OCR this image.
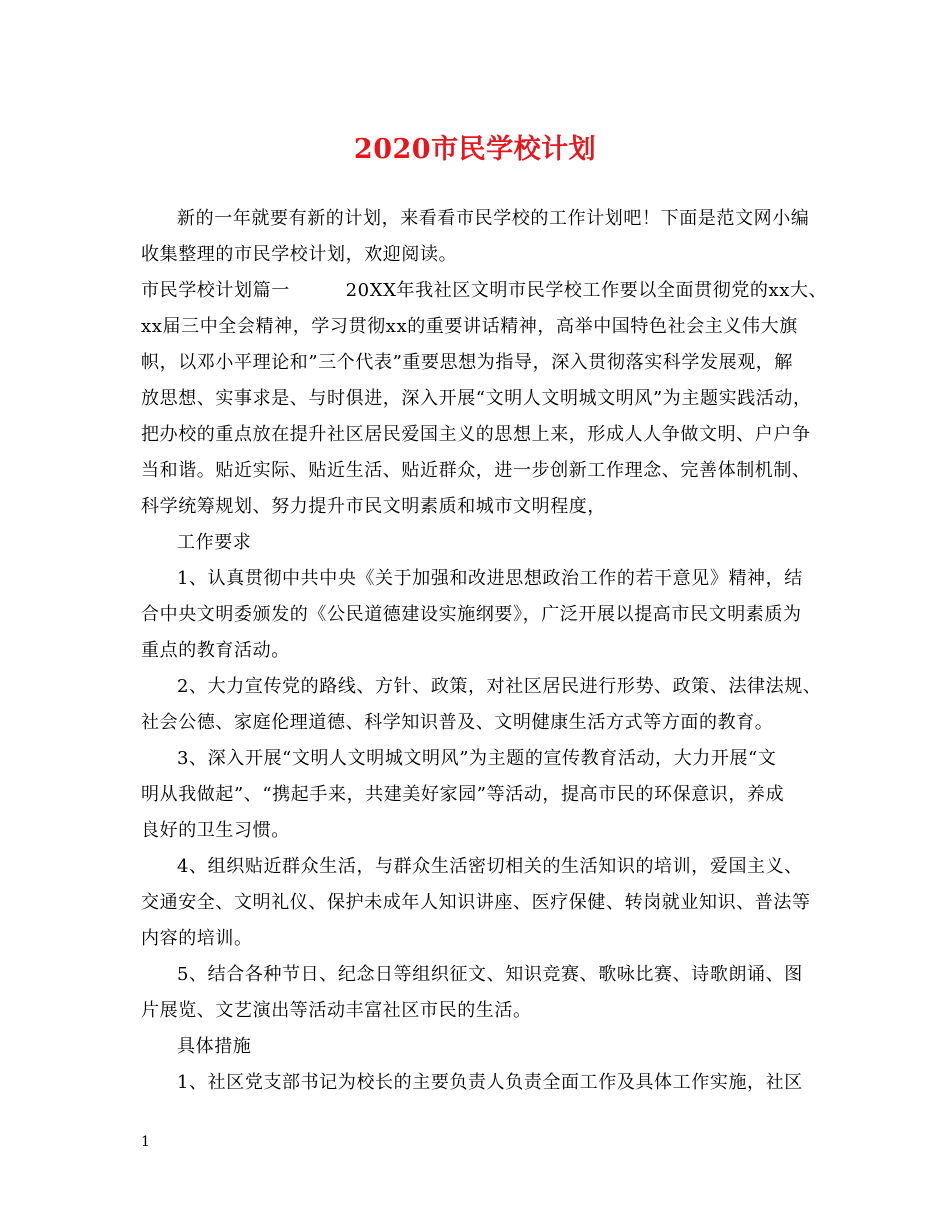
2020市民学校计划
新的一年就要有新的计划，来看看市民学校的工作计划吧！下面是范文网小编
收集整理的市民学校计划，欢迎阅读。
市民学校计划篇一　　　20XX年我社区文明市民学校工作要以全面贯彻党的xx大、
xx届三中全会精神，学习贯彻xx的重要讲话精神，高举中国特色社会主义伟大旗
帜，以邓小平理论和”三个代表”重要思想为指导，深入贯彻落实科学发展观，解
放思想、实事求是、与时俱进，深入开展“文明人文明城文明风”为主题实践活动，
把办校的重点放在提升社区居民爱国主义的思想上来，形成人人争做文明、户户争
当和谐。贴近实际、贴近生活、贴近群众，进一步创新工作理念、完善体制机制、
科学统筹规划、努力提升市民文明素质和城市文明程度，
工作要求
1、认真贯彻中共中央《关于加强和改进思想政治工作的若干意见》精神，结
合中央文明委颁发的《公民道德建设实施纲要》，广泛开展以提高市民文明素质为
重点的教育活动。
2、大力宣传党的路线、方针、政策，对社区居民进行形势、政策、法律法规、
社会公德、家庭伦理道德、科学知识普及、文明健康生活方式等方面的教育。
3、深入开展“文明人文明城文明风”为主题的宣传教育活动，大力开展“文
明从我做起”、“携起手来，共建美好家园”等活动，提高市民的环保意识，养成
良好的卫生习惯。
4、组织贴近群众生活，与群众生活密切相关的生活知识的培训，爱国主义、
交通安全、文明礼仪、保护未成年人知识讲座、医疗保健、转岗就业知识、普法等
内容的培训。
5、结合各种节日、纪念日等组织征文、知识竞赛、歌咏比赛、诗歌朗诵、图
片展览、文艺演出等活动丰富社区市民的生活。
具体措施
1、社区党支部书记为校长的主要负责人负责全面工作及具体工作实施，社区
1
